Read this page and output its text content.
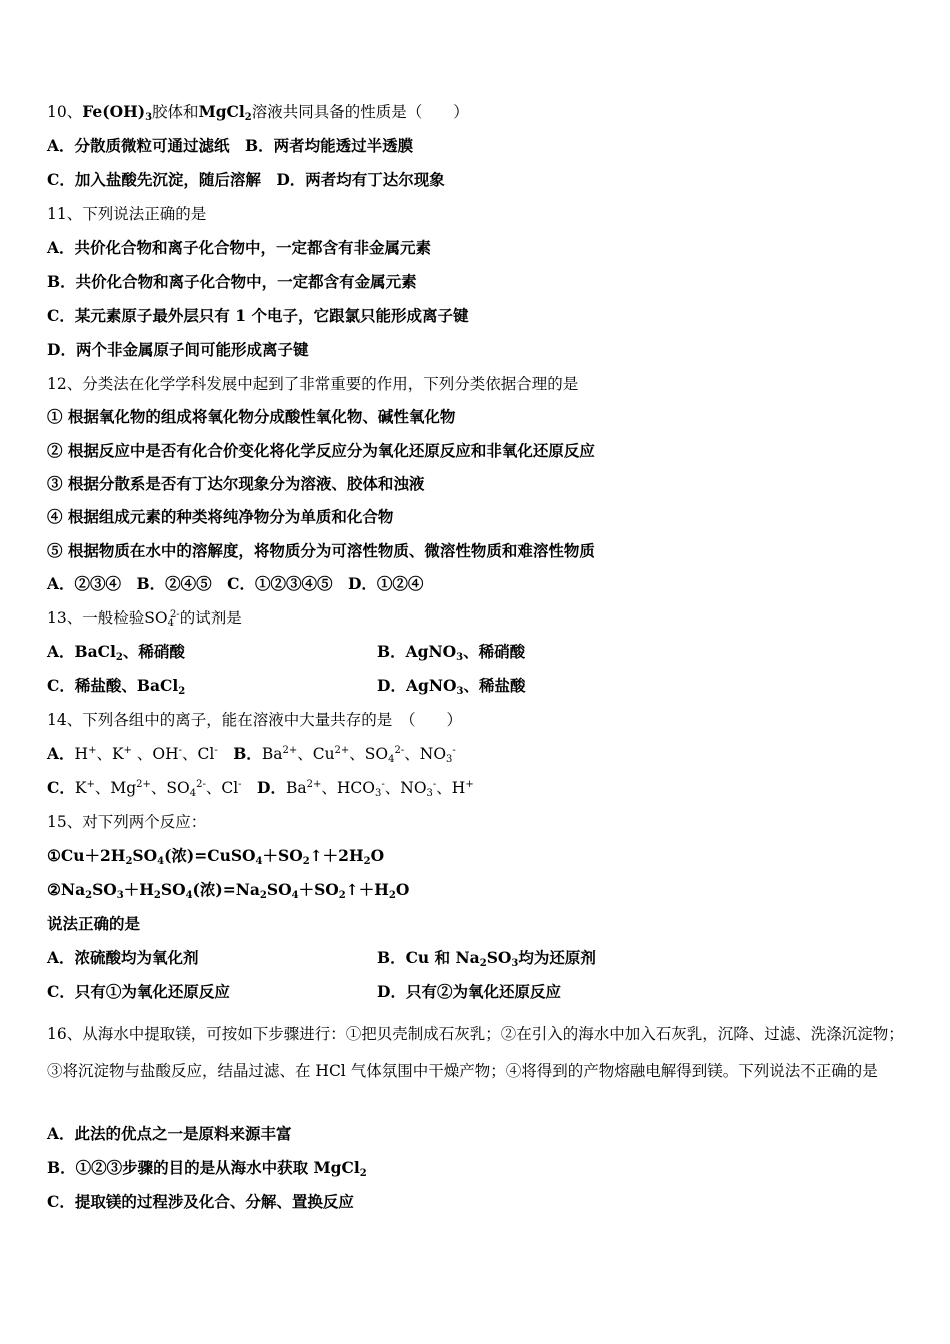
10、$Fe(OH)_3$胶体和MgCl$_2$溶液共同具备的性质是（　　）
A．分散质微粒可通过滤纸　 B．两者均能透过半透膜
C．加入盐酸先沉淀，随后溶解　 D．两者均有丁达尔现象
11、下列说法正确的是
A．共价化合物和离子化合物中，一定都含有非金属元素
B．共价化合物和离子化合物中，一定都含有金属元素
C．某元素原子最外层只有 1 个电子，它跟氯只能形成离子键
D．两个非金属原子间可能形成离子键
12、分类法在化学学科发展中起到了非常重要的作用，下列分类依据合理的是
① 根据氧化物的组成将氧化物分成酸性氧化物、碱性氧化物
② 根据反应中是否有化合价变化将化学反应分为氧化还原反应和非氧化还原反应
③ 根据分散系是否有丁达尔现象分为溶液、胶体和浊液
④ 根据组成元素的种类将纯净物分为单质和化合物
⑤ 根据物质在水中的溶解度，将物质分为可溶性物质、微溶性物质和难溶性物质
A．②③④　B．②④⑤　C．①②③④⑤　D．①②④
13、一般检验$SO_4^{2-}$的试剂是
A．BaCl$_2$、稀硝酸	B．AgNO$_3$、稀硝酸
C．稀盐酸、BaCl$_2$	D．AgNO$_3$、稀盐酸
14、下列各组中的离子，能在溶液中大量共存的是　（　　）
A．H+、K+ 、OH-、Cl-　B．$Ba^{2+}$、$Cu^{2+}$、$SO_4^{2-}$、$NO_3^-$
C．K+、$Mg^{2+}$、$SO_4^{2-}$、Cl-　D．$Ba^{2+}$、$HCO_3^-$、$NO_3^-$、H+
15、对下列两个反应：
$①Cu+2H_2SO_4$(浓)$=CuSO_4+SO_2↑+2H_2O$
$②Na_2SO_3+H_2SO_4$(浓)$=Na_2SO_4+SO_2↑+H_2O$
说法正确的是
A．浓硫酸均为氧化剂	B．Cu 和 $Na_2SO_3$均为还原剂
C．只有①为氧化还原反应	D．只有②为氧化还原反应
16、从海水中提取镁，可按如下步骤进行：①把贝壳制成石灰乳；②在引入的海水中加入石灰乳，沉降、过滤、洗涤沉淀物；③将沉淀物与盐酸反应，结晶过滤、在 HCl 气体氛围中干燥产物；④将得到的产物熔融电解得到镁。下列说法不正确的是
A．此法的优点之一是原料来源丰富
B．①②③步骤的目的是从海水中获取 MgCl$_2$
C．提取镁的过程涉及化合、分解、置换反应
